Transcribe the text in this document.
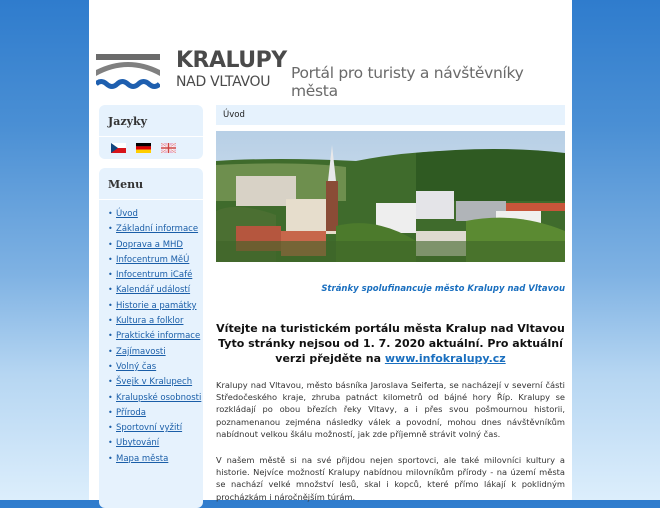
KRALUPY
NAD VLTAVOU Portál pro turisty a návštěvníky města
Jazyky

Menu
• Úvod
• Základní informace
• Doprava a MHD
• Infocentrum MěÚ
• Infocentrum iCafé
• Kalendář událostí
• Historie a památky
• Kultura a folklor
• Praktické informace
• Zajímavosti
• Volný čas
• Švejk v Kralupech
• Kralupské osobnosti
• Příroda
• Sportovní vyžití
• Ubytování
• Mapa města
Úvod
Stránky spolufinancuje město Kralupy nad Vltavou
Vítejte na turistickém portálu města Kralup nad Vltavou
Tyto stránky nejsou od 1. 7. 2020 aktuální. Pro aktuální verzi přejděte na www.infokralupy.cz

Kralupy nad Vltavou, město básníka Jaroslava Seiferta, se nacházejí v severní části Středočeského kraje, zhruba patnáct kilometrů od bájné hory Říp. Kralupy se rozkládají po obou březích řeky Vltavy, a i přes svou pošmournou historii, poznamenanou zejména následky válek a povodní, mohou dnes návštěvníkům nabídnout velkou škálu možností, jak zde příjemně strávit volný čas.

V našem městě si na své přijdou nejen sportovci, ale také milovníci kultury a historie. Nejvíce možností Kralupy nabídnou milovníkům přírody - na území města se nachází velké množství lesů, skal i kopců, které přímo lákají k poklidným procházkám i náročnějším túrám.
